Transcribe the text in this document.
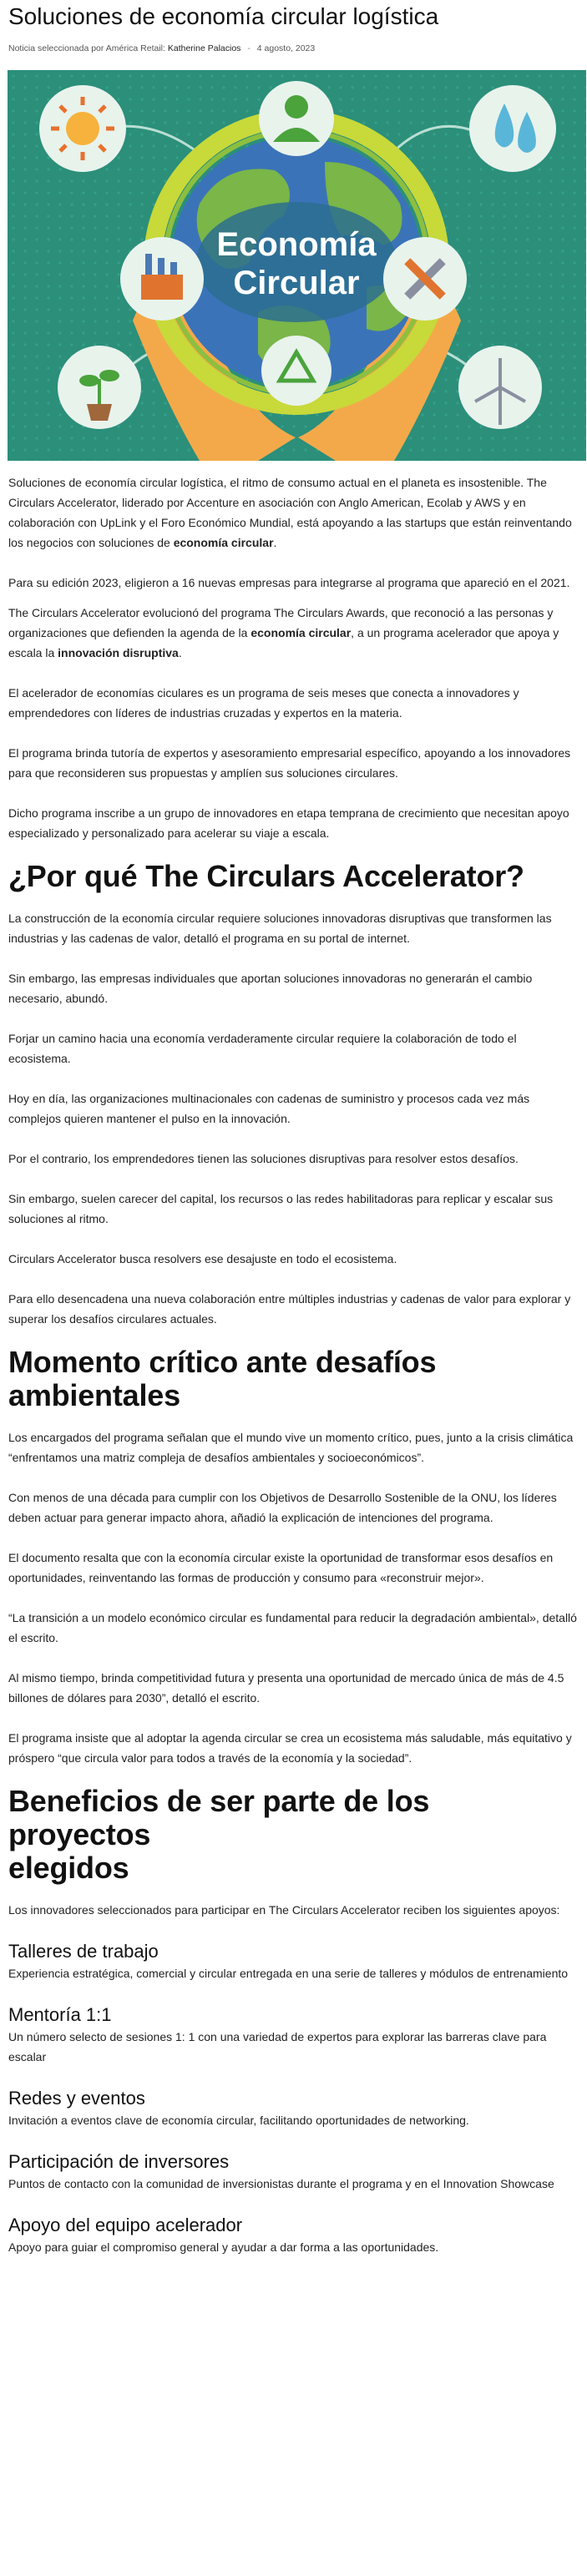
Soluciones de economía circular logística
Noticia seleccionada por América Retail: Katherine Palacios - 4 agosto, 2023
Economía
Circular

Soluciones de economía circular logística, el ritmo de consumo actual en el planeta es insostenible. The Circulars Accelerator, liderado por Accenture en asociación con Anglo American, Ecolab y AWS y en colaboración con UpLink y el Foro Económico Mundial, está apoyando a las startups que están reinventando los negocios con soluciones de economía circular.

Para su edición 2023, eligieron a 16 nuevas empresas para integrarse al programa que apareció en el 2021.

The Circulars Accelerator evolucionó del programa The Circulars Awards, que reconoció a las personas y organizaciones que defienden la agenda de la economía circular, a un programa acelerador que apoya y escala la innovación disruptiva.

El acelerador de economías ciculares es un programa de seis meses que conecta a innovadores y emprendedores con líderes de industrias cruzadas y expertos en la materia.

El programa brinda tutoría de expertos y asesoramiento empresarial específico, apoyando a los innovadores para que reconsideren sus propuestas y amplíen sus soluciones circulares.

Dicho programa inscribe a un grupo de innovadores en etapa temprana de crecimiento que necesitan apoyo especializado y personalizado para acelerar su viaje a escala.

¿Por qué The Circulars Accelerator?

La construcción de la economía circular requiere soluciones innovadoras disruptivas que transformen las industrias y las cadenas de valor, detalló el programa en su portal de internet.

Sin embargo, las empresas individuales que aportan soluciones innovadoras no generarán el cambio necesario, abundó.

Forjar un camino hacia una economía verdaderamente circular requiere la colaboración de todo el ecosistema.

Hoy en día, las organizaciones multinacionales con cadenas de suministro y procesos cada vez más complejos quieren mantener el pulso en la innovación.

Por el contrario, los emprendedores tienen las soluciones disruptivas para resolver estos desafíos.

Sin embargo, suelen carecer del capital, los recursos o las redes habilitadoras para replicar y escalar sus soluciones al ritmo.

Circulars Accelerator busca resolvers ese desajuste en todo el ecosistema.

Para ello desencadena una nueva colaboración entre múltiples industrias y cadenas de valor para explorar y superar los desafíos circulares actuales.

Momento crítico ante desafíos ambientales

Los encargados del programa señalan que el mundo vive un momento crítico, pues, junto a la crisis climática “enfrentamos una matriz compleja de desafíos ambientales y socioeconómicos”.

Con menos de una década para cumplir con los Objetivos de Desarrollo Sostenible de la ONU, los líderes deben actuar para generar impacto ahora, añadió la explicación de intenciones del programa.

El documento resalta que con la economía circular existe la oportunidad de transformar esos desafíos en oportunidades, reinventando las formas de producción y consumo para «reconstruir mejor».

“La transición a un modelo económico circular es fundamental para reducir la degradación ambiental», detalló el escrito.

Al mismo tiempo, brinda competitividad futura y presenta una oportunidad de mercado única de más de 4.5 billones de dólares para 2030”, detalló el escrito.

El programa insiste que al adoptar la agenda circular se crea un ecosistema más saludable, más equitativo y próspero “que circula valor para todos a través de la economía y la sociedad”.

Beneficios de ser parte de los proyectos
elegidos

Los innovadores seleccionados para participar en The Circulars Accelerator reciben los siguientes apoyos:

Talleres de trabajo

Experiencia estratégica, comercial y circular entregada en una serie de talleres y módulos de entrenamiento

Mentoría 1:1

Un número selecto de sesiones 1: 1 con una variedad de expertos para explorar las barreras clave para escalar

Redes y eventos

Invitación a eventos clave de economía circular, facilitando oportunidades de networking.

Participación de inversores

Puntos de contacto con la comunidad de inversionistas durante el programa y en el Innovation Showcase

Apoyo del equipo acelerador

Apoyo para guiar el compromiso general y ayudar a dar forma a las oportunidades.
